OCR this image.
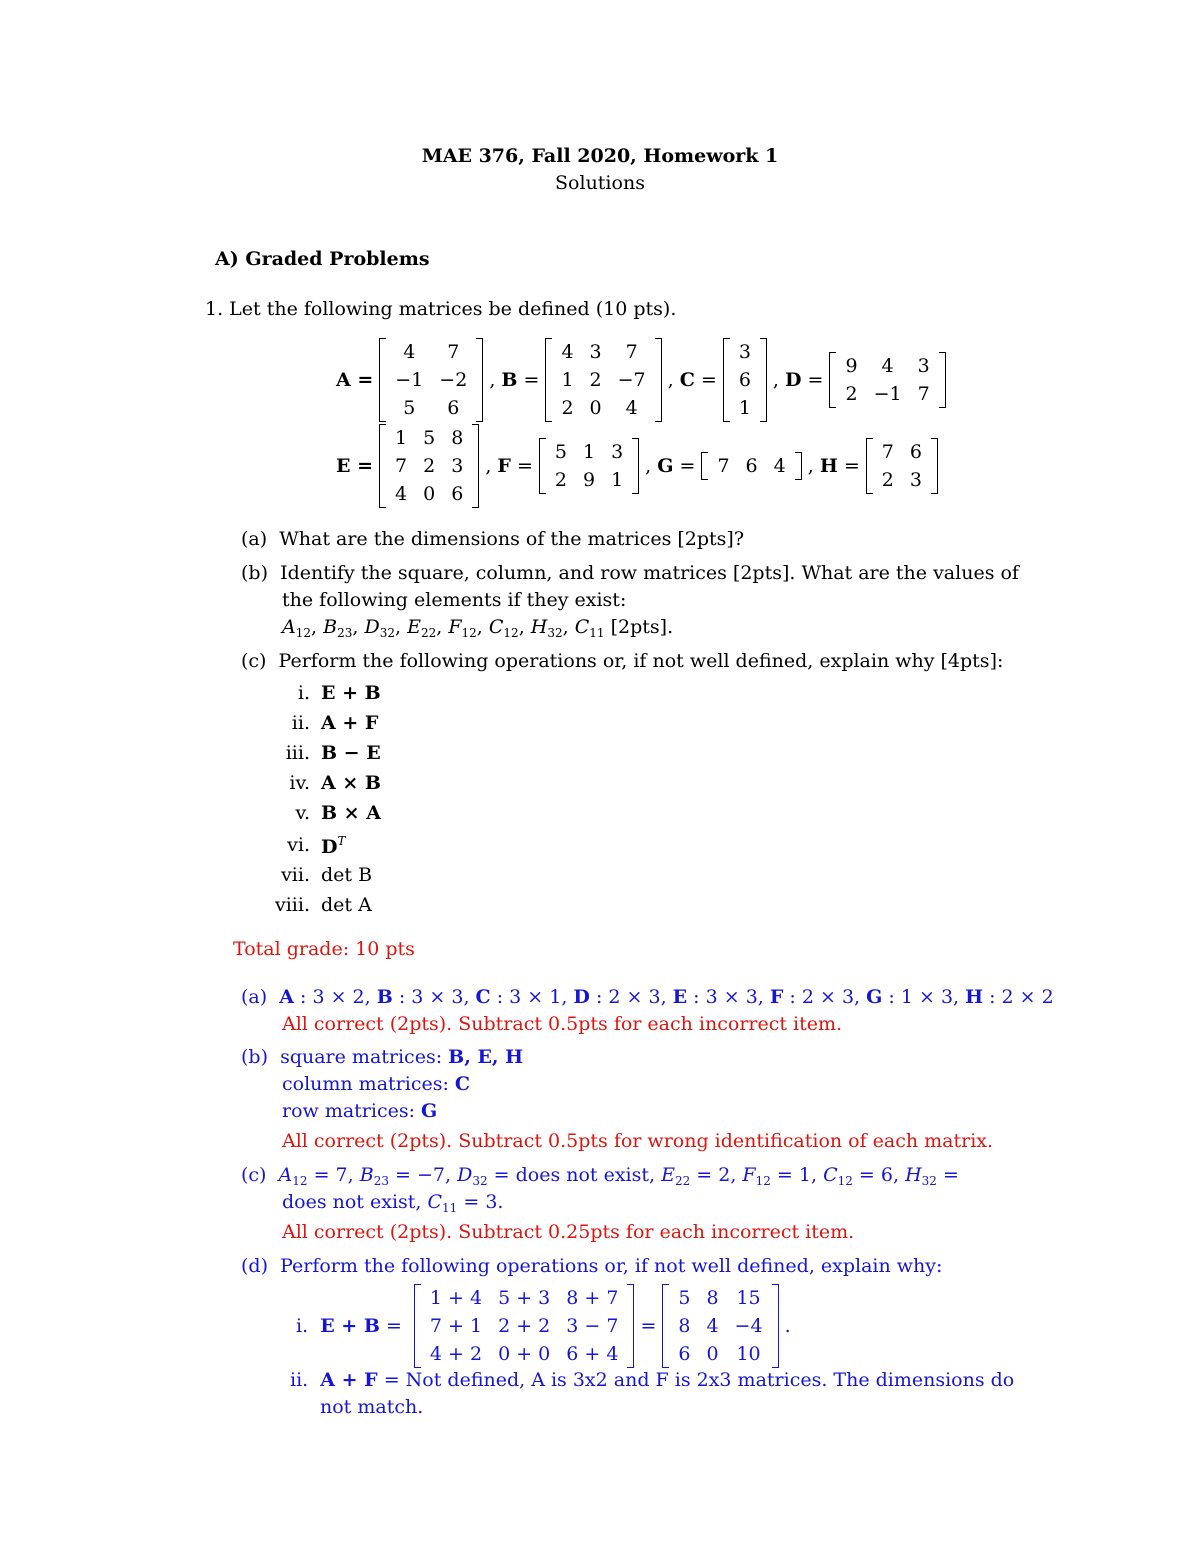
MAE 376, Fall 2020, Homework 1
Solutions
A) Graded Problems
1. Let the following matrices be defined (10 pts).
A =
4	7
−1	−2
5	6
, B =
4	3	7
1	2	−7
2	0	4
, C =
3
6
1
, D =
9	4	3
2	−1	7
E =
1	5	8
7	2	3
4	0	6
, F =
5	1	3
2	9	1
, G = 7	6	4 , H =
7	6
2	3
(a)  What are the dimensions of the matrices [2pts]?
(b)  Identify the square, column, and row matrices [2pts]. What are the values of
the following elements if they exist:
$A_{12}$, $B_{23}$, $D_{32}$, $E_{22}$, $F_{12}$, $C_{12}$, $H_{32}$, $C_{11}$ [2pts].
(c)  Perform the following operations or, if not well defined, explain why [4pts]:
i. E + B
ii. A + F
iii. B − E
iv. A × B
v. B × A
vi. $D^T$
vii. det B
viii. det A
Total grade: 10 pts
(a)  A : 3 × 2, B : 3 × 3, C : 3 × 1, D : 2 × 3, E : 3 × 3, F : 2 × 3, G : 1 × 3, H : 2 × 2
All correct (2pts). Subtract 0.5pts for each incorrect item.
(b)  square matrices: B, E, H
column matrices: C
row matrices: G
All correct (2pts). Subtract 0.5pts for wrong identification of each matrix.
(c)  $A_{12} = 7$, $B_{23} = -7$, $D_{32}$ = does not exist, $E_{22} = 2$, $F_{12} = 1$, $C_{12} = 6$, $H_{32}$ =
does not exist, $C_{11} = 3$.
All correct (2pts). Subtract 0.25pts for each incorrect item.
(d)  Perform the following operations or, if not well defined, explain why:
i.  E + B =
1 + 4	5 + 3	8 + 7
7 + 1	2 + 2	3 − 7
4 + 2	0 + 0	6 + 4
=
5	8	15
8	4	−4
6	0	10
.
ii.  A + F = Not defined, A is 3x2 and F is 2x3 matrices. The dimensions do
not match.
